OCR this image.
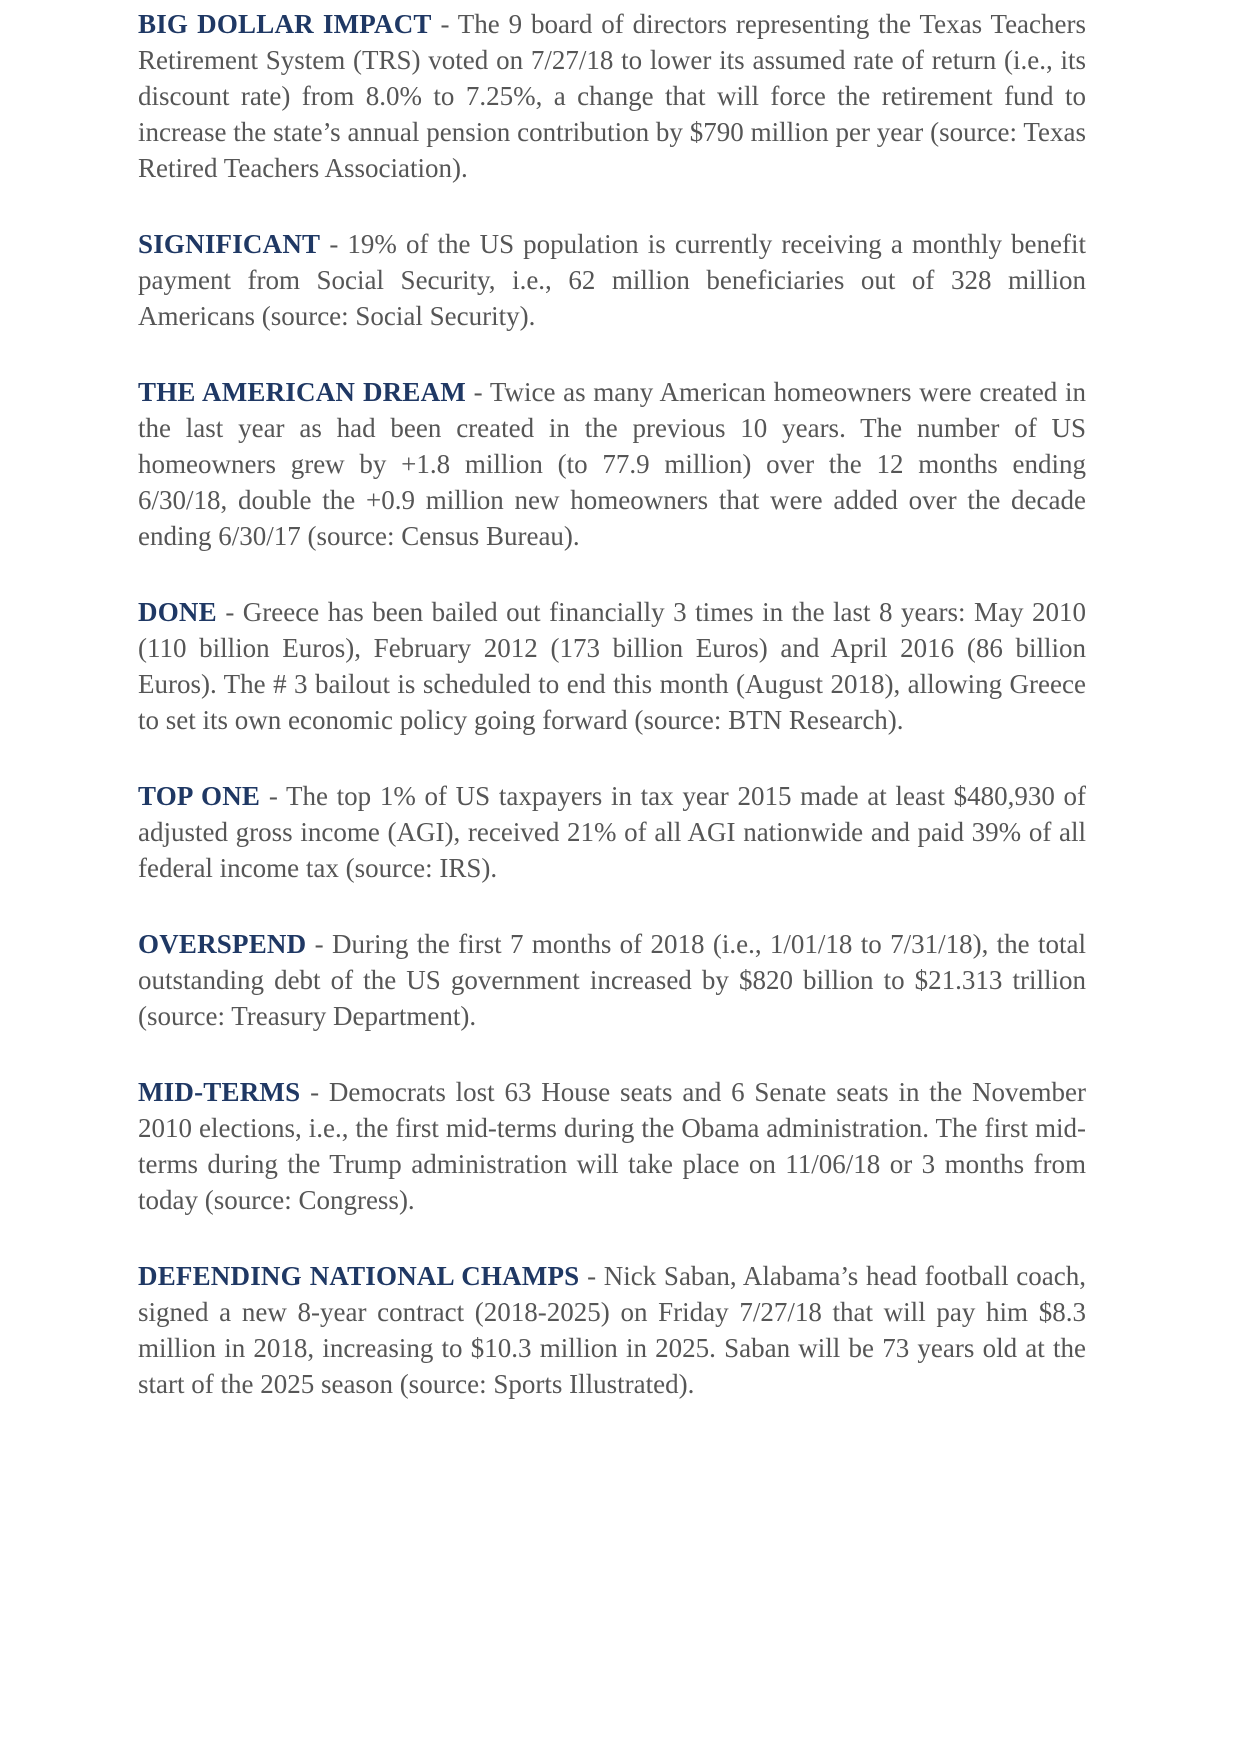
BIG DOLLAR IMPACT - The 9 board of directors representing the Texas Teachers Retirement System (TRS) voted on 7/27/18 to lower its assumed rate of return (i.e., its discount rate) from 8.0% to 7.25%, a change that will force the retirement fund to increase the state’s annual pension contribution by $790 million per year (source: Texas Retired Teachers Association).

SIGNIFICANT - 19% of the US population is currently receiving a monthly benefit payment from Social Security, i.e., 62 million beneficiaries out of 328 million Americans (source: Social Security).

THE AMERICAN DREAM - Twice as many American homeowners were created in the last year as had been created in the previous 10 years. The number of US homeowners grew by +1.8 million (to 77.9 million) over the 12 months ending 6/30/18, double the +0.9 million new homeowners that were added over the decade ending 6/30/17 (source: Census Bureau).

DONE - Greece has been bailed out financially 3 times in the last 8 years: May 2010 (110 billion Euros), February 2012 (173 billion Euros) and April 2016 (86 billion Euros). The # 3 bailout is scheduled to end this month (August 2018), allowing Greece to set its own economic policy going forward (source: BTN Research).

TOP ONE - The top 1% of US taxpayers in tax year 2015 made at least $480,930 of adjusted gross income (AGI), received 21% of all AGI nationwide and paid 39% of all federal income tax (source: IRS).

OVERSPEND - During the first 7 months of 2018 (i.e., 1/01/18 to 7/31/18), the total outstanding debt of the US government increased by $820 billion to $21.313 trillion (source: Treasury Department).

MID-TERMS - Democrats lost 63 House seats and 6 Senate seats in the November 2010 elections, i.e., the first mid-terms during the Obama administration. The first mid-terms during the Trump administration will take place on 11/06/18 or 3 months from today (source: Congress).

DEFENDING NATIONAL CHAMPS - Nick Saban, Alabama’s head football coach, signed a new 8-year contract (2018-2025) on Friday 7/27/18 that will pay him $8.3 million in 2018, increasing to $10.3 million in 2025. Saban will be 73 years old at the start of the 2025 season (source: Sports Illustrated).
